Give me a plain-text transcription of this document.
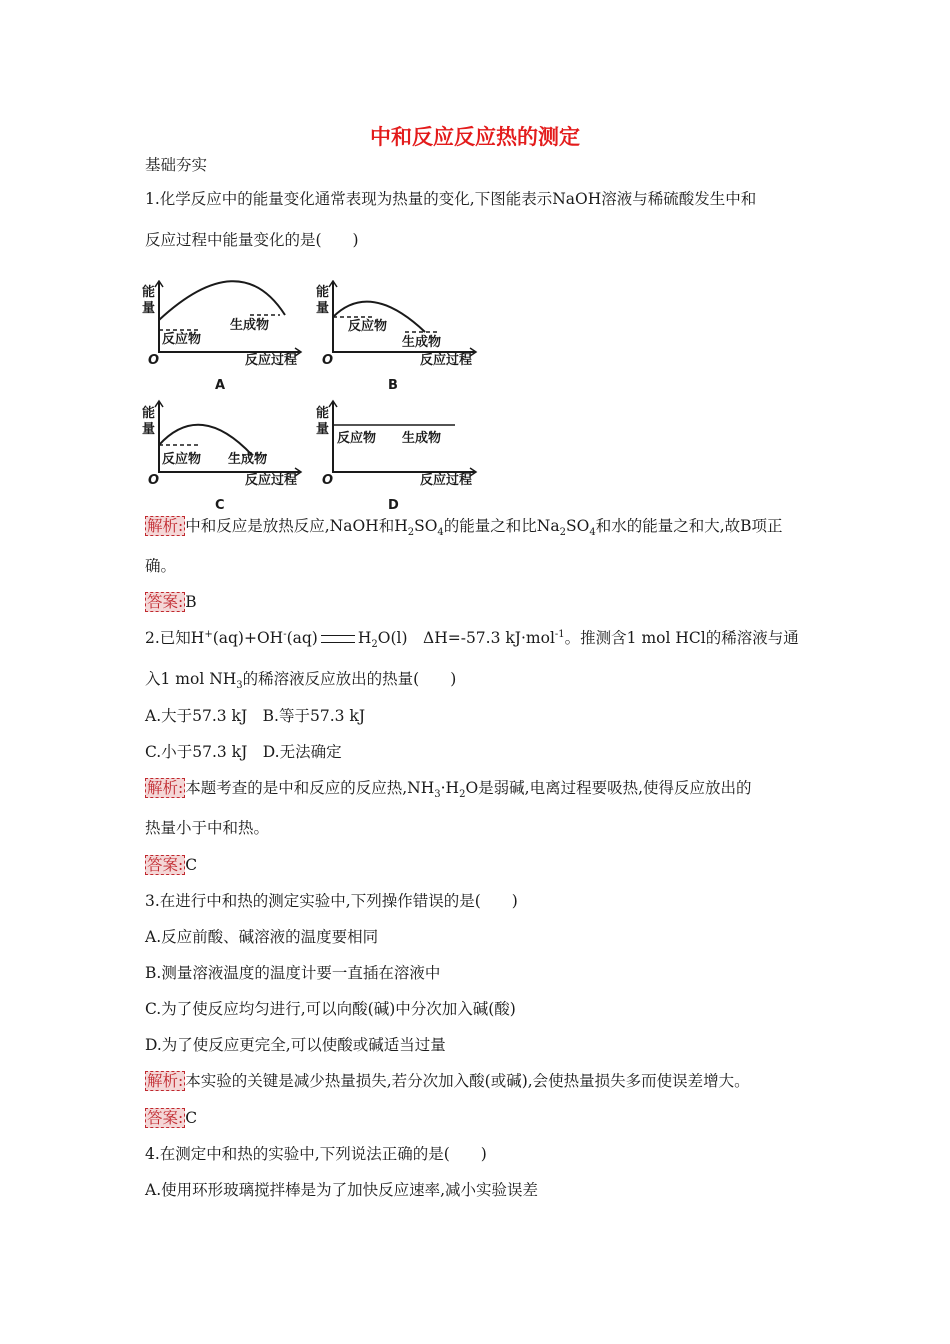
中和反应反应热的测定
基础夯实
1.化学反应中的能量变化通常表现为热量的变化,下图能表示NaOH溶液与稀硫酸发生中和
反应过程中能量变化的是(　　)
能
量
O
反应物
生成物
反应过程
A
能
量
O
反应物
生成物
反应过程
B
能
量
O
反应物 生成物
反应过程
C
能
量
O
反应物 生成物
反应过程
D
解析: 中和反应是放热反应,NaOH和$H_2SO_4$的能量之和比$Na_2SO_4$和水的能量之和大,故B项正
确。
答案: B
2.已知H+(aq)+OH-(aq)	$H_2O(l)$　ΔH=-57.3 kJ·mol$^{-1}$。推测含1 mol HCl的稀溶液与通
入1 mol $NH_3$的稀溶液反应放出的热量(　　)
A.大于57.3 kJ　B.等于57.3 kJ
C.小于57.3 kJ　D.无法确定
解析: 本题考查的是中和反应的反应热$,NH_3\cdot H_2O$是弱碱,电离过程要吸热,使得反应放出的
热量小于中和热。
答案: C
3.在进行中和热的测定实验中,下列操作错误的是(　　)
A.反应前酸、碱溶液的温度要相同
B.测量溶液温度的温度计要一直插在溶液中
C.为了使反应均匀进行,可以向酸(碱)中分次加入碱(酸)
D.为了使反应更完全,可以使酸或碱适当过量
解析: 本实验的关键是减少热量损失,若分次加入酸(或碱),会使热量损失多而使误差增大。
答案: C
4.在测定中和热的实验中,下列说法正确的是(　　)
A.使用环形玻璃搅拌棒是为了加快反应速率,减小实验误差
